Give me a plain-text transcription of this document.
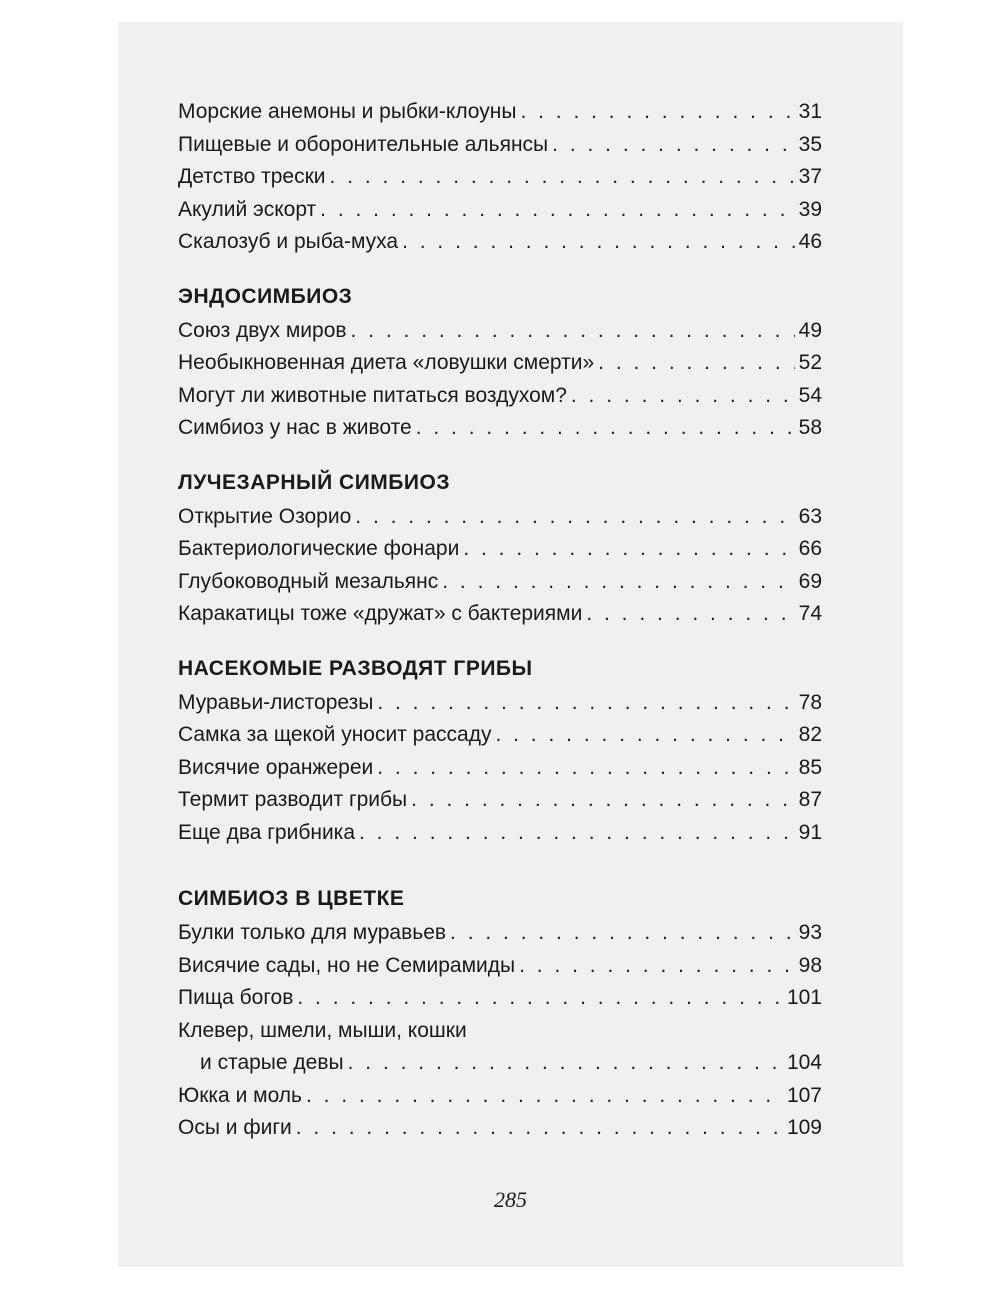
Морские анемоны и рыбки-клоуны . . .	31
Пищевые и оборонительные альянсы . . .	35
Детство трески . . .	37
Акулий эскорт . . .	39
Скалозуб и рыба-муха . . .	46
ЭНДОСИМБИОЗ
Союз двух миров . . .	49
Необыкновенная диета «ловушки смерти» . . .	52
Могут ли животные питаться воздухом? . . .	54
Симбиоз у нас в животе . . .	58
ЛУЧЕЗАРНЫЙ СИМБИОЗ
Открытие Озорио . . .	63
Бактериологические фонари . . .	66
Глубоководный мезальянс . . .	69
Каракатицы тоже «дружат» с бактериями . . .	74
НАСЕКОМЫЕ РАЗВОДЯТ ГРИБЫ
Муравьи-листорезы . . .	78
Самка за щекой уносит рассаду . . .	82
Висячие оранжереи . . .	85
Термит разводит грибы . . .	87
Еще два грибника . . .	91
СИМБИОЗ В ЦВЕТКЕ
Булки только для муравьев . . .	93
Висячие сады, но не Семирамиды . . .	98
Пища богов . . .	101
Клевер, шмели, мыши, кошки
и старые девы . . .	104
Юкка и моль . . .	107
Осы и фиги . . .	109
285
